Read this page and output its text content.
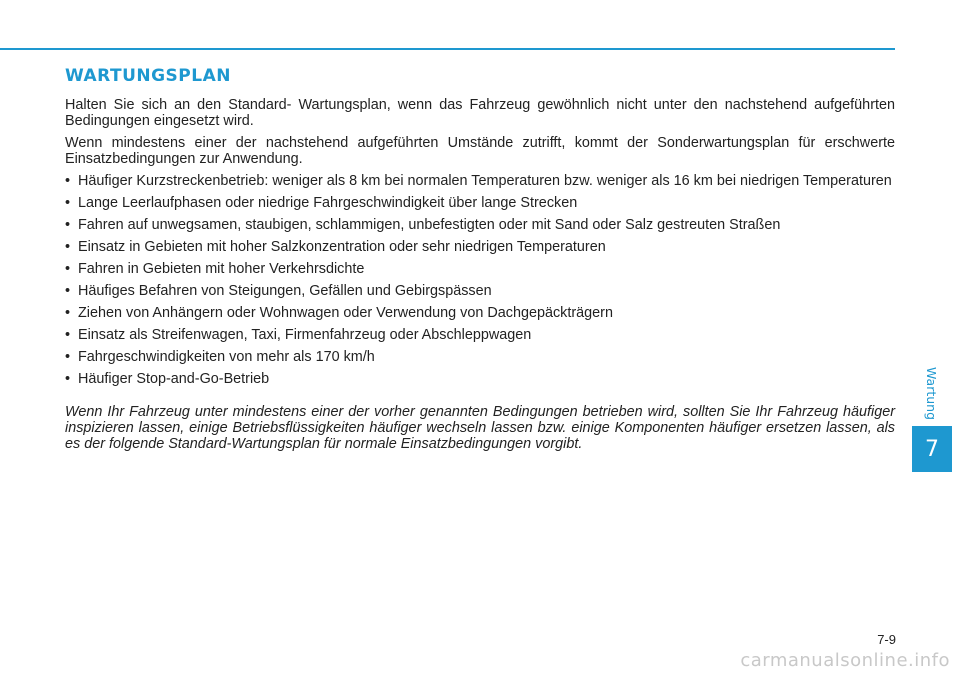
WARTUNGSPLAN

Halten Sie sich an den Standard- Wartungsplan, wenn das Fahrzeug gewöhnlich nicht unter den nachstehend aufgeführten Bedingungen eingesetzt wird.

Wenn mindestens einer der nachstehend aufgeführten Umstände zutrifft, kommt der Sonderwartungsplan für erschwerte Einsatzbedingungen zur Anwendung.

• Häufiger Kurzstreckenbetrieb: weniger als 8 km bei normalen Temperaturen bzw. weniger als 16 km bei niedrigen Temperaturen
• Lange Leerlaufphasen oder niedrige Fahrgeschwindigkeit über lange Strecken
• Fahren auf unwegsamen, staubigen, schlammigen, unbefestigten oder mit Sand oder Salz gestreuten Straßen
• Einsatz in Gebieten mit hoher Salzkonzentration oder sehr niedrigen Temperaturen
• Fahren in Gebieten mit hoher Verkehrsdichte
• Häufiges Befahren von Steigungen, Gefällen und Gebirgspässen
• Ziehen von Anhängern oder Wohnwagen oder Verwendung von Dachgepäckträgern
• Einsatz als Streifenwagen, Taxi, Firmenfahrzeug oder Abschleppwagen
• Fahrgeschwindigkeiten von mehr als 170 km/h
• Häufiger Stop-and-Go-Betrieb

Wenn Ihr Fahrzeug unter mindestens einer der vorher genannten Bedingungen betrieben wird, sollten Sie Ihr Fahrzeug häufiger inspizieren lassen, einige Betriebsflüssigkeiten häufiger wechseln lassen bzw. einige Komponenten häufiger ersetzen lassen, als es der folgende Standard-Wartungsplan für normale Einsatzbedingungen vorgibt.

Wartung
7
7-9
carmanualsonline.info
